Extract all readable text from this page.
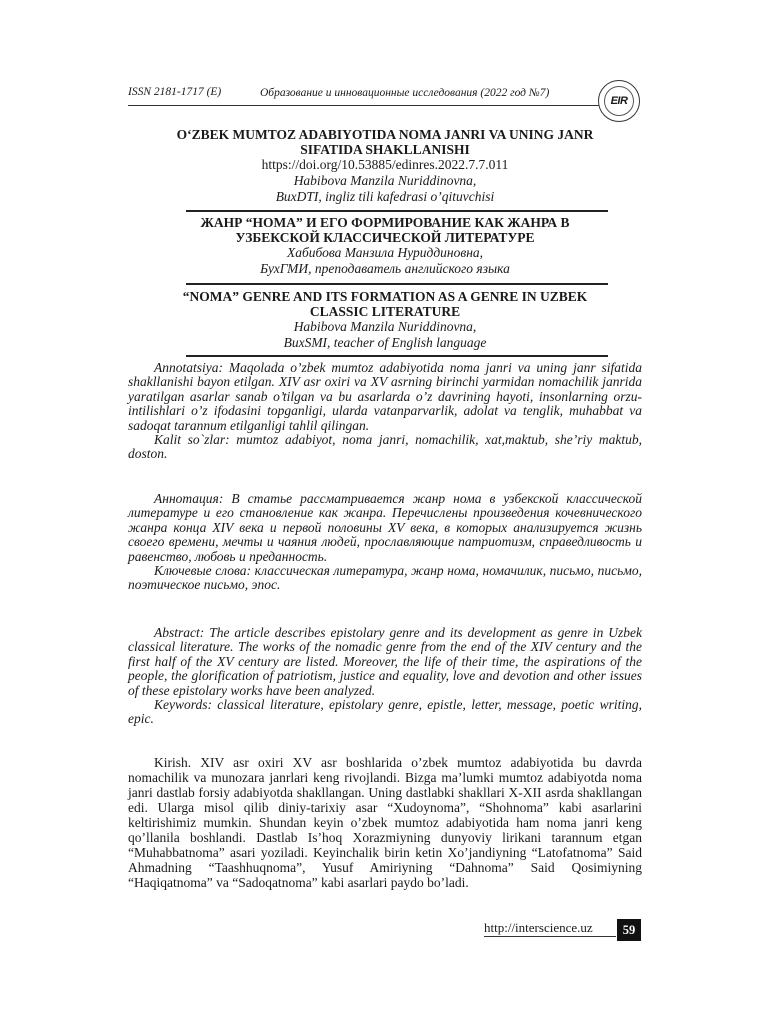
ISSN 2181-1717 (E)	Образование и инновационные исследования (2022 год №7)
EIR
O‘ZBEK MUMTOZ ADABIYOTIDA NOMA JANRI VA UNING JANR
SIFATIDA SHAKLLANISHI
https://doi.org/10.53885/edinres.2022.7.7.011
Habibova Manzila Nuriddinovna,
BuxDTI, ingliz tili kafedrasi o’qituvchisi
ЖАНР “НОМА” И ЕГО ФОРМИРОВАНИЕ КАК ЖАНРА В
УЗБЕКСКОЙ КЛАССИЧЕСКОЙ ЛИТЕРАТУРЕ
Хабибова Манзила Нуриддиновна,
БухГМИ, преподаватель английского языка
“NOMA” GENRE AND ITS FORMATION AS A GENRE IN UZBEK
CLASSIC LITERATURE
Habibova Manzila Nuriddinovna,
BuxSMI, teacher of English language

Annotatsiya: Maqolada o’zbek mumtoz adabiyotida noma janri va uning janr sifatida shakllanishi bayon etilgan. XIV asr oxiri va XV asrning birinchi yarmidan nomachilik janrida yaratilgan asarlar sanab o’tilgan va bu asarlarda o’z davrining hayoti, insonlarning orzu-intilishlari o’z ifodasini topganligi, ularda vatanparvarlik, adolat va tenglik, muhabbat va sadoqat tarannum etilganligi tahlil qilingan.

Kalit so`zlar: mumtoz adabiyot, noma janri, nomachilik, xat,maktub, she’riy maktub, doston.

Аннотация: В статье рассматривается жанр нома в узбекской классической литературе и его становление как жанра. Перечислены произведения кочевнического жанра конца XIV века и первой половины XV века, в которых анализируется жизнь своего времени, мечты и чаяния людей, прославляющие патриотизм, справедливость и равенство, любовь и преданность.

Ключевые слова: классическая литература, жанр нома, номачилик, письмо, письмо, поэтическое письмо, эпос.

Abstract: The article describes epistolary genre and its development as genre in Uzbek classical literature. The works of the nomadic genre from the end of the XIV century and the first half of the XV century are listed. Moreover, the life of their time, the aspirations of the people, the glorification of patriotism, justice and equality, love and devotion and other issues of these epistolary works have been analyzed.

Keywords: classical literature, epistolary genre, epistle, letter, message, poetic writing, epic.

Kirish. XIV asr oxiri XV asr boshlarida o’zbek mumtoz adabiyotida bu davrda nomachilik va munozara janrlari keng rivojlandi. Bizga ma’lumki mumtoz adabiyotda noma janri dastlab forsiy adabiyotda shakllangan. Uning dastlabki shakllari X-XII asrda shakllangan edi. Ularga misol qilib diniy-tarixiy asar “Xudoynoma”, “Shohnoma” kabi asarlarini keltirishimiz mumkin. Shundan keyin o’zbek mumtoz adabiyotida ham noma janri keng qo’llanila boshlandi. Dastlab Is’hoq Xorazmiyning dunyoviy lirikani tarannum etgan “Muhabbatnoma” asari yoziladi. Keyinchalik birin ketin Xo’jandiyning “Latofatnoma” Said Ahmadning “Taashhuqnoma”, Yusuf Amiriyning “Dahnoma” Said Qosimiyning “Haqiqatnoma” va “Sadoqatnoma” kabi asarlari paydo bo’ladi.

http://interscience.uz	59
